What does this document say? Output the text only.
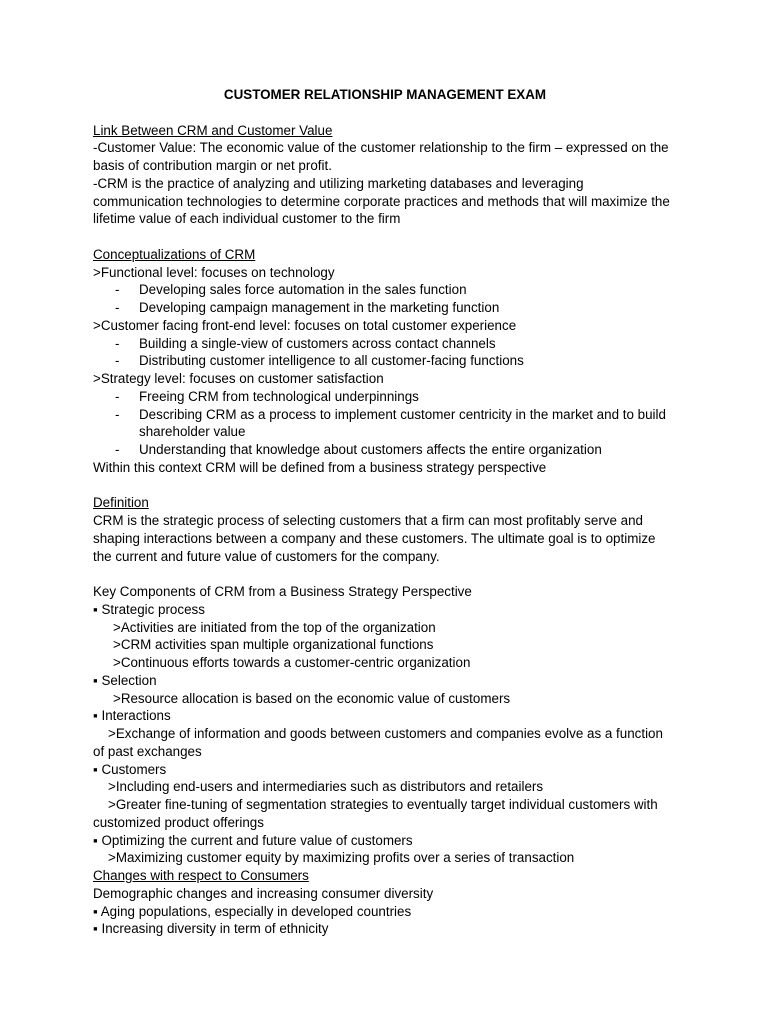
CUSTOMER RELATIONSHIP MANAGEMENT EXAM

Link Between CRM and Customer Value

-Customer Value: The economic value of the customer relationship to the firm – expressed on the basis of contribution margin or net profit.

-CRM is the practice of analyzing and utilizing marketing databases and leveraging communication technologies to determine corporate practices and methods that will maximize the lifetime value of each individual customer to the firm

Conceptualizations of CRM

>Functional level: focuses on technology

- Developing sales force automation in the sales function
- Developing campaign management in the marketing function

>Customer facing front-end level: focuses on total customer experience

- Building a single-view of customers across contact channels
- Distributing customer intelligence to all customer-facing functions

>Strategy level: focuses on customer satisfaction

- Freeing CRM from technological underpinnings
- Describing CRM as a process to implement customer centricity in the market and to build shareholder value
- Understanding that knowledge about customers affects the entire organization

Within this context CRM will be defined from a business strategy perspective

Definition

CRM is the strategic process of selecting customers that a firm can most profitably serve and shaping interactions between a company and these customers. The ultimate goal is to optimize the current and future value of customers for the company.

Key Components of CRM from a Business Strategy Perspective

▪ Strategic process

>Activities are initiated from the top of the organization

>CRM activities span multiple organizational functions

>Continuous efforts towards a customer-centric organization

▪ Selection

>Resource allocation is based on the economic value of customers

▪ Interactions

>Exchange of information and goods between customers and companies evolve as a function of past exchanges

▪ Customers

>Including end-users and intermediaries such as distributors and retailers

>Greater fine-tuning of segmentation strategies to eventually target individual customers with customized product offerings

▪ Optimizing the current and future value of customers

>Maximizing customer equity by maximizing profits over a series of transaction

Changes with respect to Consumers

Demographic changes and increasing consumer diversity

▪ Aging populations, especially in developed countries

▪ Increasing diversity in term of ethnicity
